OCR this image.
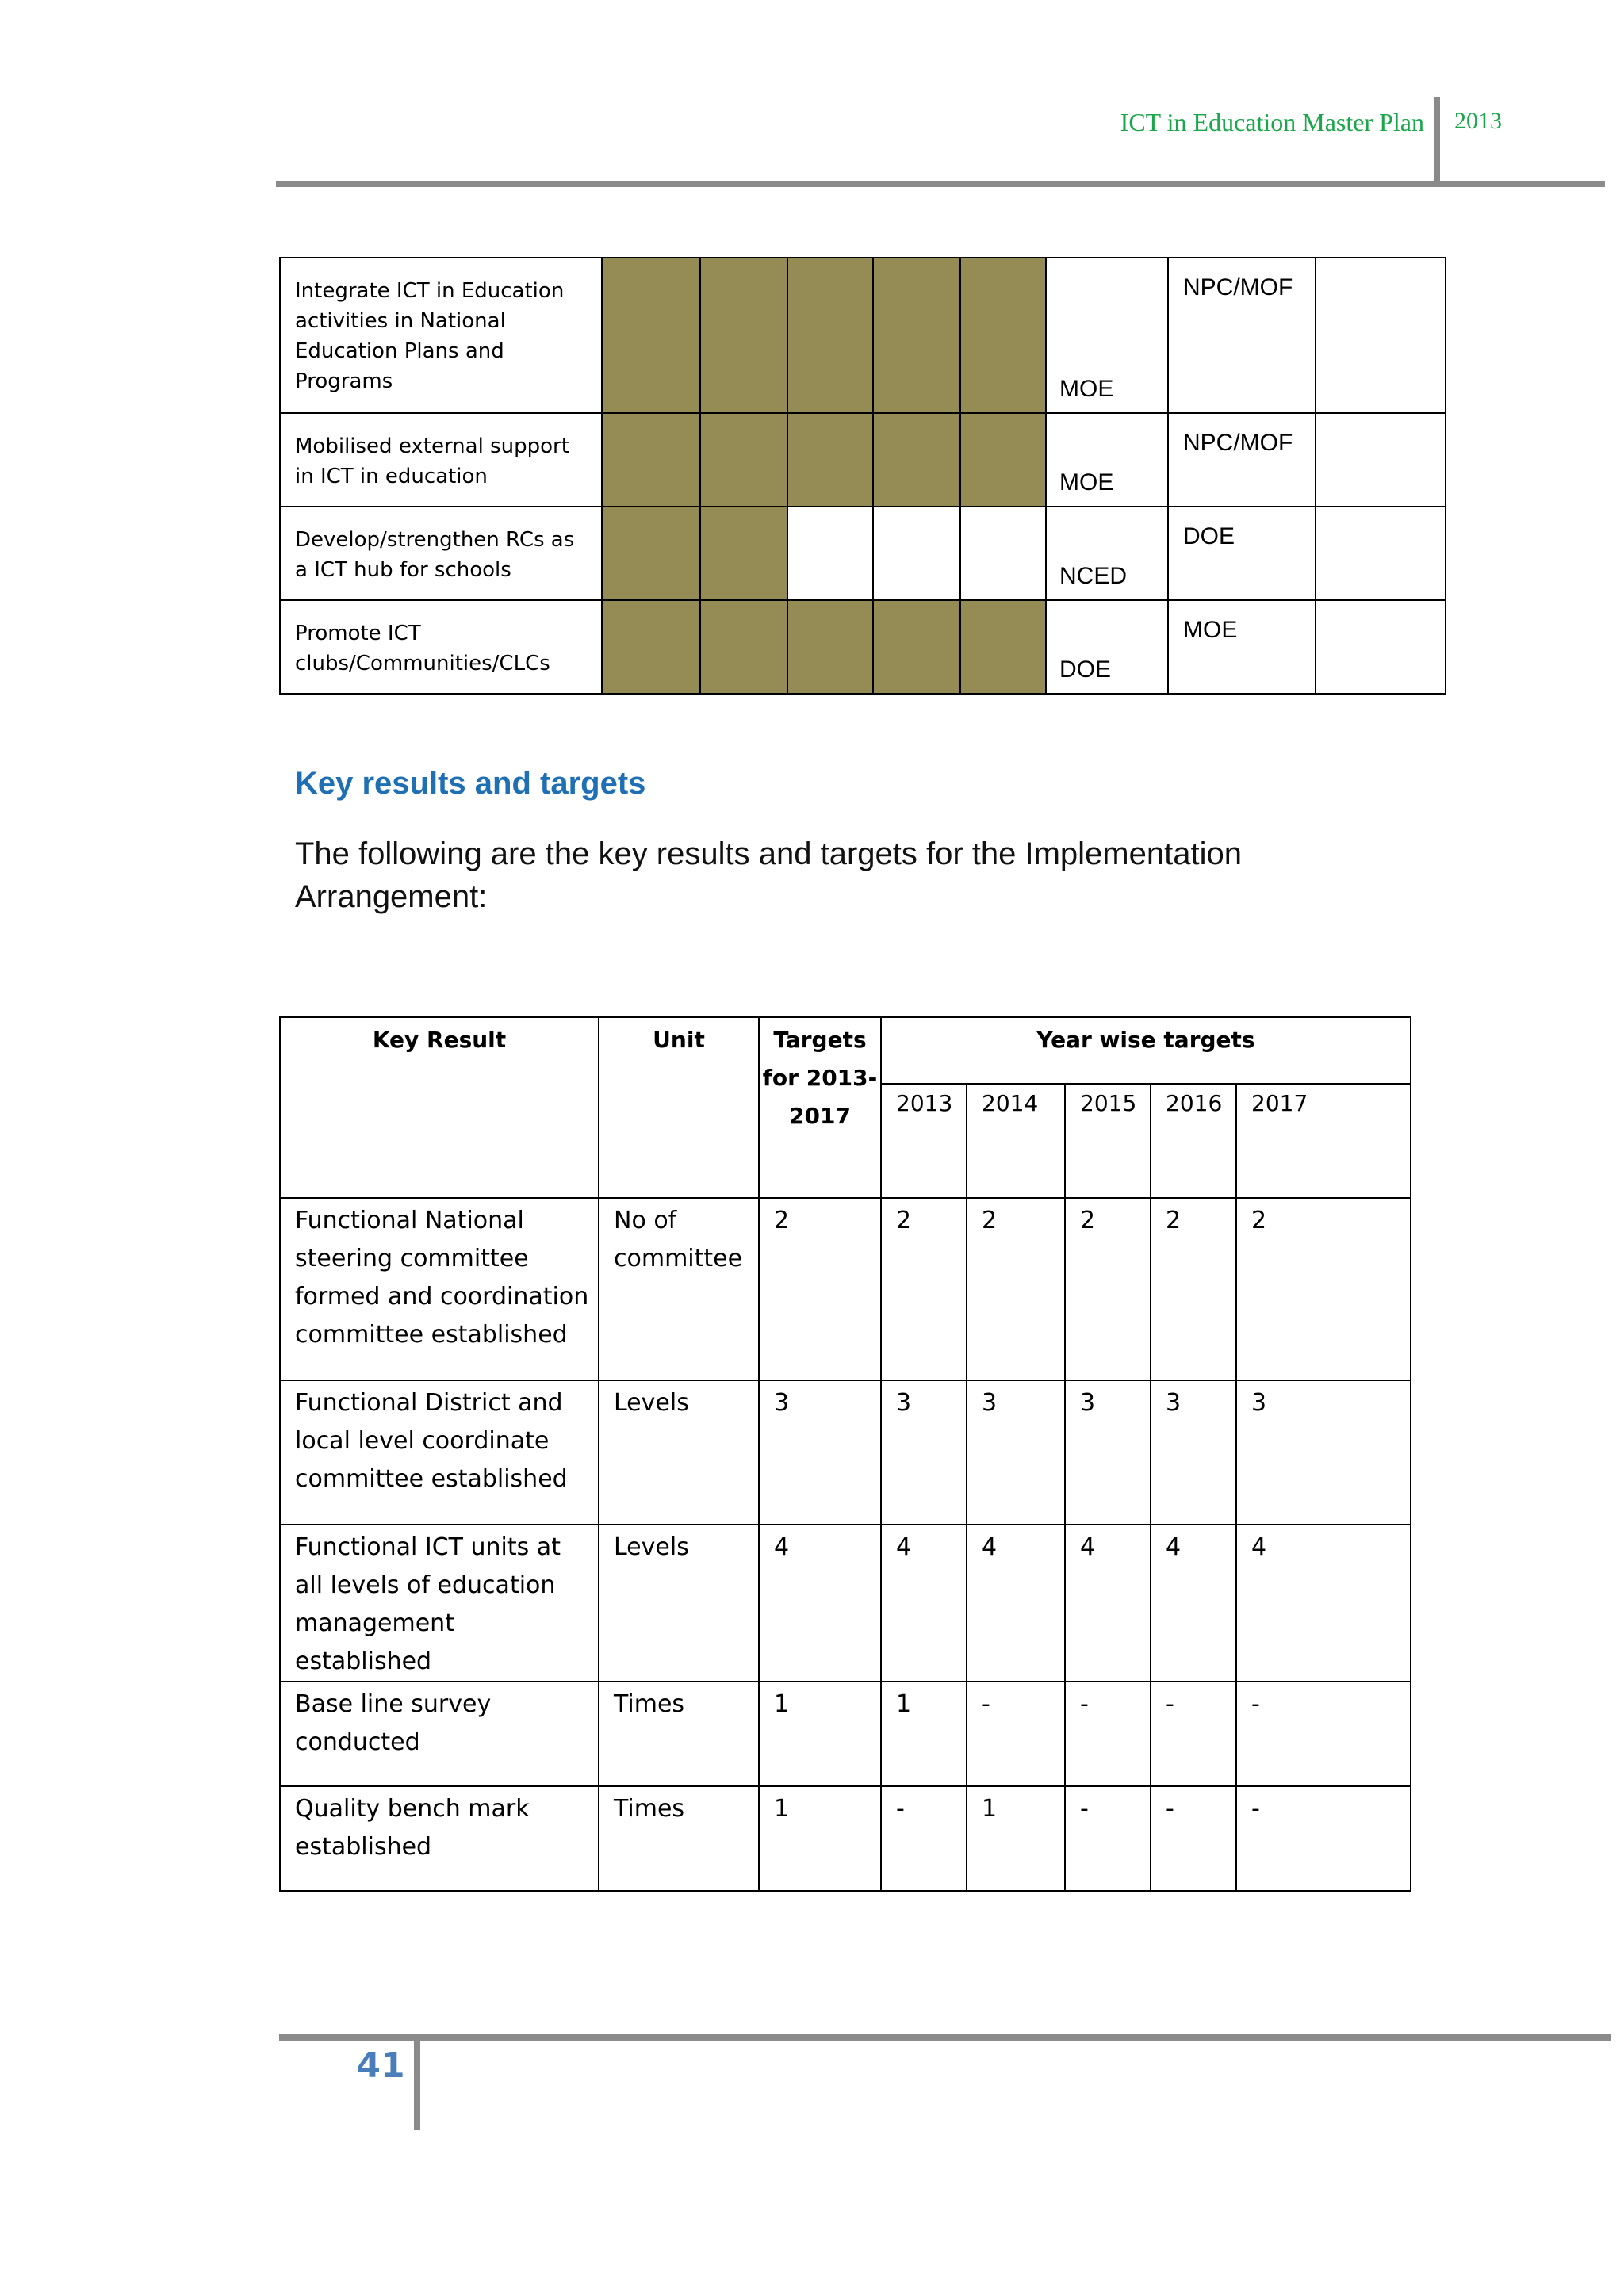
ICT in Education Master Plan 2013
Integrate ICT in Education activities in National Education Plans and Programs						MOE	NPC/MOF	
Mobilised external support in ICT in education						MOE	NPC/MOF	
Develop/strengthen RCs as a ICT hub for schools						NCED	DOE	
Promote ICT clubs/Communities/CLCs						DOE	MOE	
Key results and targets
The following are the key results and targets for the Implementation Arrangement:
Key Result	Unit	Targets for 2013-2017	Year wise targets				
			2013	2014	2015	2016	2017
Functional National steering committee formed and coordination committee established	No of committee	2	2	2	2	2	2
Functional District and local level coordinate committee established	Levels	3	3	3	3	3	3
Functional ICT units at all levels of education management established	Levels	4	4	4	4	4	4
Base line survey conducted	Times	1	1	-	-	-	-
Quality bench mark established	Times	1	-	1	-	-	-
41
